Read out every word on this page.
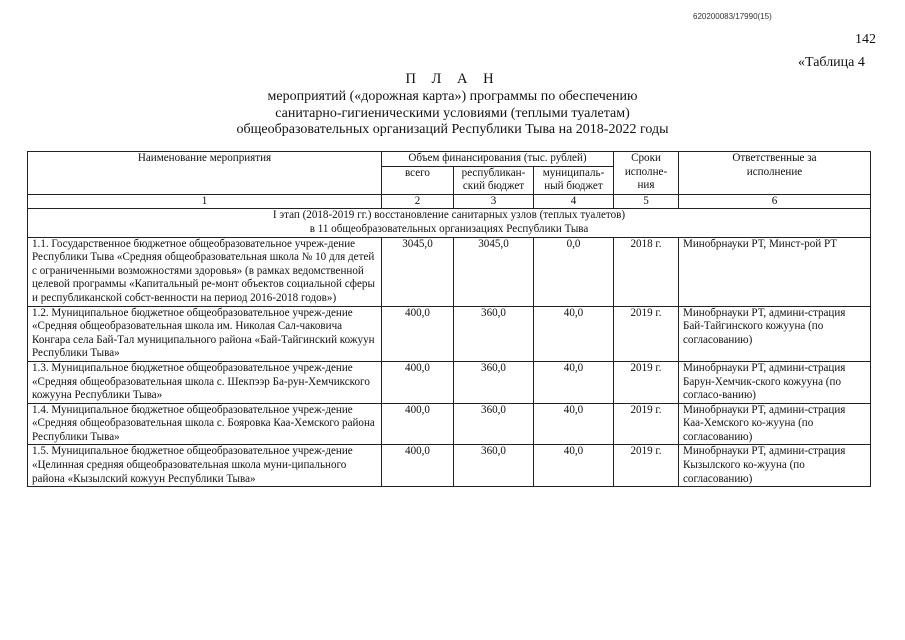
620200083/17990(15)
142
«Таблица 4
П Л А Н
мероприятий («дорожная карта») программы по обеспечению
санитарно-гигиеническими условиями (теплыми туалетам)
общеобразовательных организаций Республики Тыва на 2018-2022 годы
Наименование мероприятия	Объем финансирования (тыс. рублей)			Сроки исполне-ния	Ответственные за исполнение
	всего	республикан-ский бюджет	муниципаль-ный бюджет		
1	2	3	4	5	6

I этап (2018-2019 гг.) восстановление санитарных узлов (теплых туалетов)
в 11 общеобразовательных организациях Республики Тыва					

1.1. Государственное бюджетное общеобразовательное учреж-дение Республики Тыва «Средняя общеобразовательная школа № 10 для детей с ограниченными возможностями здоровья» (в рамках ведомственной целевой программы «Капитальный ре-монт объектов социальной сферы и республиканской собст-венности на период 2016-2018 годов»)	3045,0	3045,0	0,0	2018 г.	Минобрнауки РТ, Минст-рой РТ
1.2. Муниципальное бюджетное общеобразовательное учреж-дение «Средняя общеобразовательная школа им. Николая Сал-чаковича Конгара села Бай-Тал муниципального района «Бай-Тайгинский кожуун Республики Тыва»	400,0	360,0	40,0	2019 г.	Минобрнауки РТ, админи-страция Бай-Тайгинского кожууна (по согласованию)
1.3. Муниципальное бюджетное общеобразовательное учреж-дение «Средняя общеобразовательная школа с. Шекпээр Ба-рун-Хемчикского кожууна Республики Тыва»	400,0	360,0	40,0	2019 г.	Минобрнауки РТ, админи-страция Барун-Хемчик-ского кожууна (по согласо-ванию)
1.4. Муниципальное бюджетное общеобразовательное учреж-дение «Средняя общеобразовательная школа с. Бояровка Каа-Хемского района Республики Тыва»	400,0	360,0	40,0	2019 г.	Минобрнауки РТ, админи-страция Каа-Хемского ко-жууна (по согласованию)
1.5. Муниципальное бюджетное общеобразовательное учреж-дение «Целинная средняя общеобразовательная школа муни-ципального района «Кызылский кожуун Республики Тыва»	400,0	360,0	40,0	2019 г.	Минобрнауки РТ, админи-страция Кызылского ко-жууна (по согласованию)
